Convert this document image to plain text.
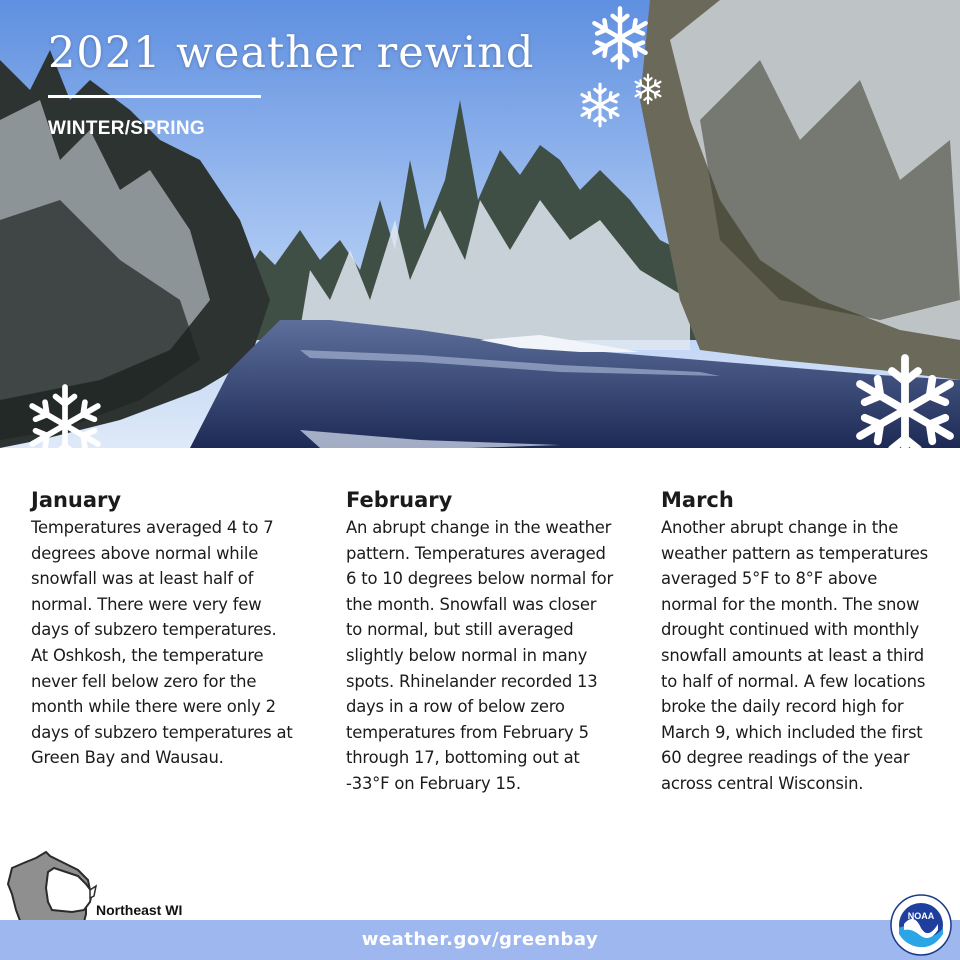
2021 weather rewind
WINTER/SPRING
January

Temperatures averaged 4 to 7 degrees above normal while snowfall was at least half of normal. There were very few days of subzero temperatures. At Oshkosh, the temperature never fell below zero for the month while there were only 2 days of subzero temperatures at Green Bay and Wausau.

February

An abrupt change in the weather pattern. Temperatures averaged 6 to 10 degrees below normal for the month. Snowfall was closer to normal, but still averaged slightly below normal in many spots. Rhinelander recorded 13 days in a row of below zero temperatures from February 5 through 17, bottoming out at -33°F on February 15.

March

Another abrupt change in the weather pattern as temperatures averaged 5°F to 8°F above normal for the month. The snow drought continued with monthly snowfall amounts at least a third to half of normal. A few locations broke the daily record high for March 9, which included the first 60 degree readings of the year across central Wisconsin.

Northeast WI
weather.gov/greenbay
NOAA
